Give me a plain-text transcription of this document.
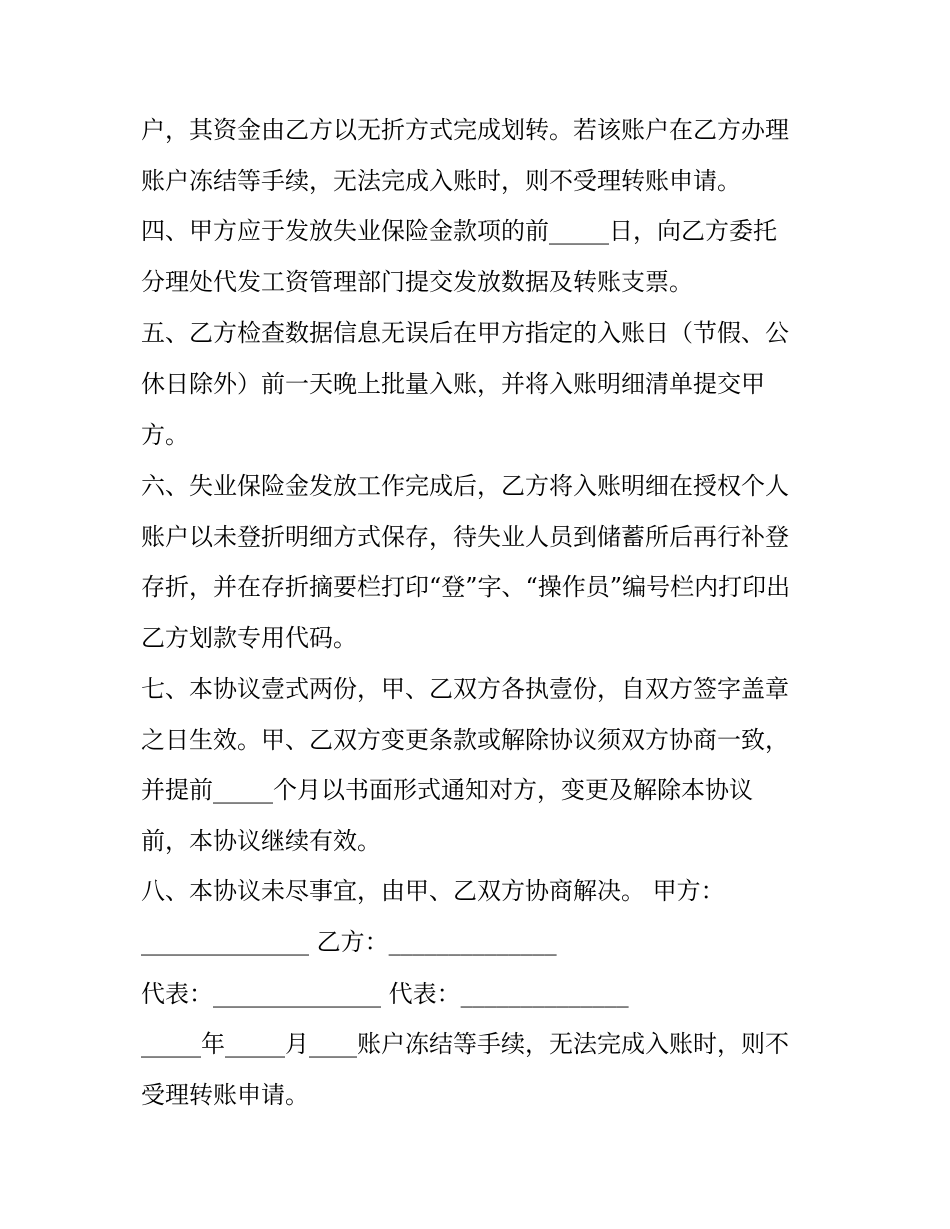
户，其资金由乙方以无折方式完成划转。若该账户在乙方办理
账户冻结等手续，无法完成入账时，则不受理转账申请。
四、甲方应于发放失业保险金款项的前_____日，向乙方委托
分理处代发工资管理部门提交发放数据及转账支票。
五、乙方检查数据信息无误后在甲方指定的入账日（节假、公
休日除外）前一天晚上批量入账，并将入账明细清单提交甲
方。
六、失业保险金发放工作完成后，乙方将入账明细在授权个人
账户以未登折明细方式保存，待失业人员到储蓄所后再行补登
存折，并在存折摘要栏打印“登”字、“操作员”编号栏内打印出
乙方划款专用代码。
七、本协议壹式两份，甲、乙双方各执壹份，自双方签字盖章
之日生效。甲、乙双方变更条款或解除协议须双方协商一致，
并提前_____个月以书面形式通知对方，变更及解除本协议
前，本协议继续有效。
八、本协议未尽事宜，由甲、乙双方协商解决。 甲方：
______________ 乙方：______________
代表：______________ 代表：______________
_____年_____月____账户冻结等手续，无法完成入账时，则不
受理转账申请。
